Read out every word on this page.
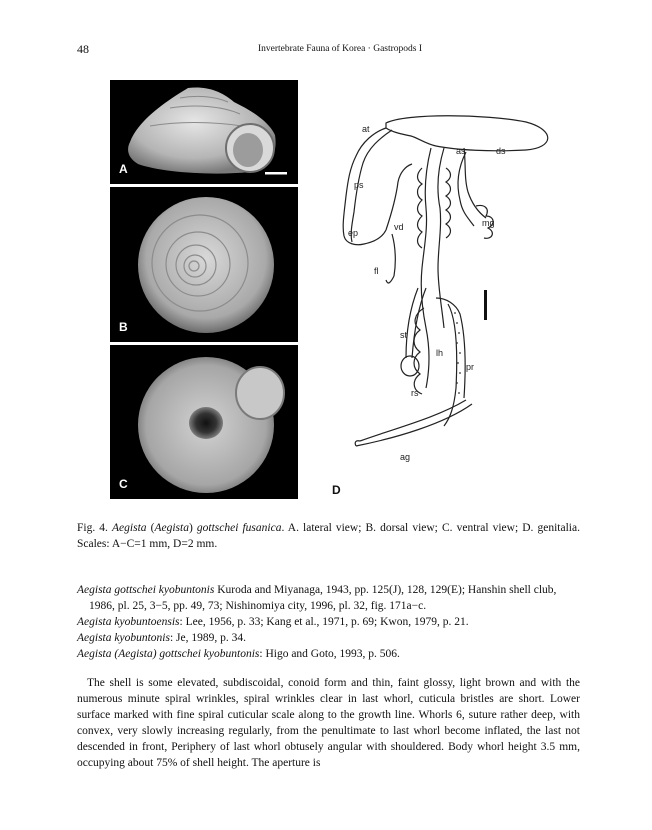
48	Invertebrate Fauna of Korea · Gastropods I
A
B
C
at
as	ds
ps
mg
vd
ep
fl
st
lh
pr
rs
ag
D
Fig. 4. Aegista (Aegista) gottschei fusanica. A. lateral view; B. dorsal view; C. ventral view; D. genitalia. Scales: A−C=1 mm, D=2 mm.

Aegista gottschei kyobuntonis Kuroda and Miyanaga, 1943, pp. 125(J), 128, 129(E); Hanshin shell club, 1986, pl. 25, 3−5, pp. 49, 73; Nishinomiya city, 1996, pl. 32, fig. 171a−c.

Aegista kyobuntoensis: Lee, 1956, p. 33; Kang et al., 1971, p. 69; Kwon, 1979, p. 21.

Aegista kyobuntonis: Je, 1989, p. 34.

Aegista (Aegista) gottschei kyobuntonis: Higo and Goto, 1993, p. 506.

The shell is some elevated, subdiscoidal, conoid form and thin, faint glossy, light brown and with the numerous minute spiral wrinkles, spiral wrinkles clear in last whorl, cuticula bristles are short. Lower surface marked with fine spiral cuticular scale along to the growth line. Whorls 6, suture rather deep, with convex, very slowly increasing regularly, from the penultimate to last whorl become inflated, the last not descended in front, Periphery of last whorl obtusely angular with shouldered. Body whorl height 3.5 mm, occupying about 75% of shell height. The aperture is
